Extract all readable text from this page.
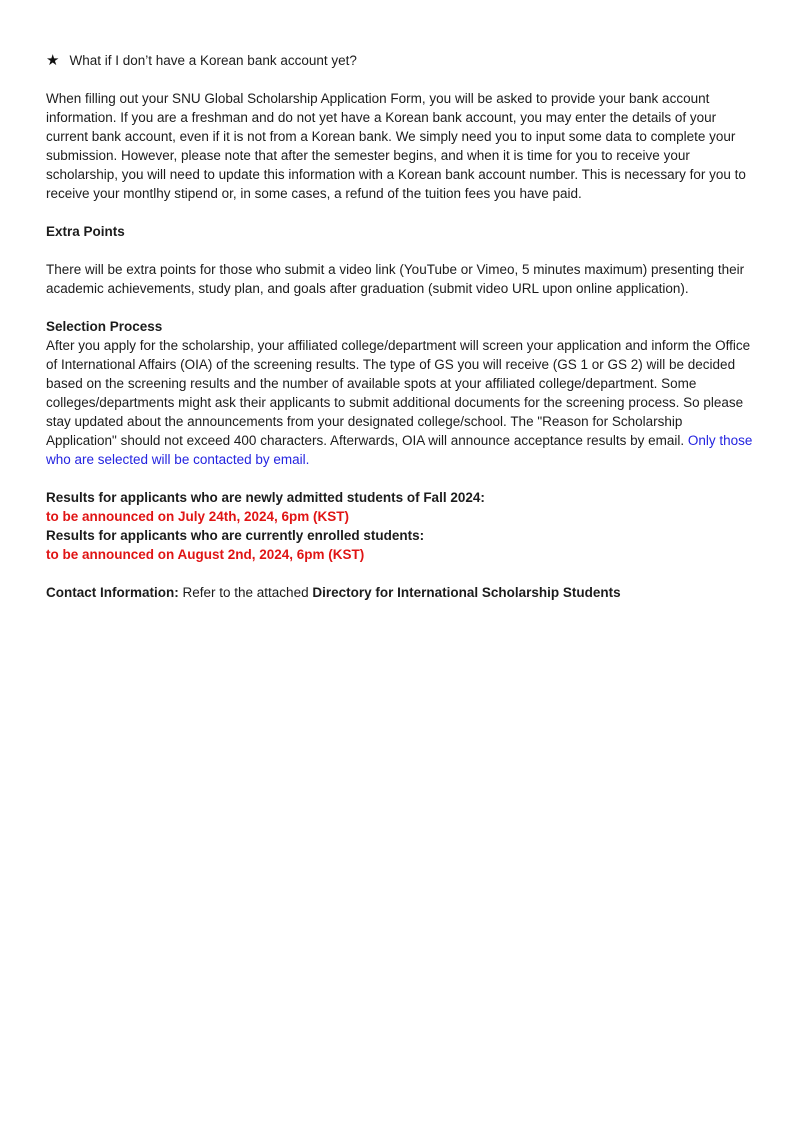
★ What if I don’t have a Korean bank account yet?

When filling out your SNU Global Scholarship Application Form, you will be asked to provide your bank account information. If you are a freshman and do not yet have a Korean bank account, you may enter the details of your current bank account, even if it is not from a Korean bank. We simply need you to input some data to complete your submission. However, please note that after the semester begins, and when it is time for you to receive your scholarship, you will need to update this information with a Korean bank account number. This is necessary for you to receive your montlhy stipend or, in some cases, a refund of the tuition fees you have paid.

Extra Points

There will be extra points for those who submit a video link (YouTube or Vimeo, 5 minutes maximum) presenting their academic achievements, study plan, and goals after graduation (submit video URL upon online application).

Selection Process

After you apply for the scholarship, your affiliated college/department will screen your application and inform the Office of International Affairs (OIA) of the screening results. The type of GS you will receive (GS 1 or GS 2) will be decided based on the screening results and the number of available spots at your affiliated college/department. Some colleges/departments might ask their applicants to submit additional documents for the screening process. So please stay updated about the announcements from your designated college/school. The "Reason for Scholarship Application" should not exceed 400 characters. Afterwards, OIA will announce acceptance results by email. Only those who are selected will be contacted by email.

Results for applicants who are newly admitted students of Fall 2024:
to be announced on July 24th, 2024, 6pm (KST)
Results for applicants who are currently enrolled students:
to be announced on August 2nd, 2024, 6pm (KST)

Contact Information: Refer to the attached Directory for International Scholarship Students
